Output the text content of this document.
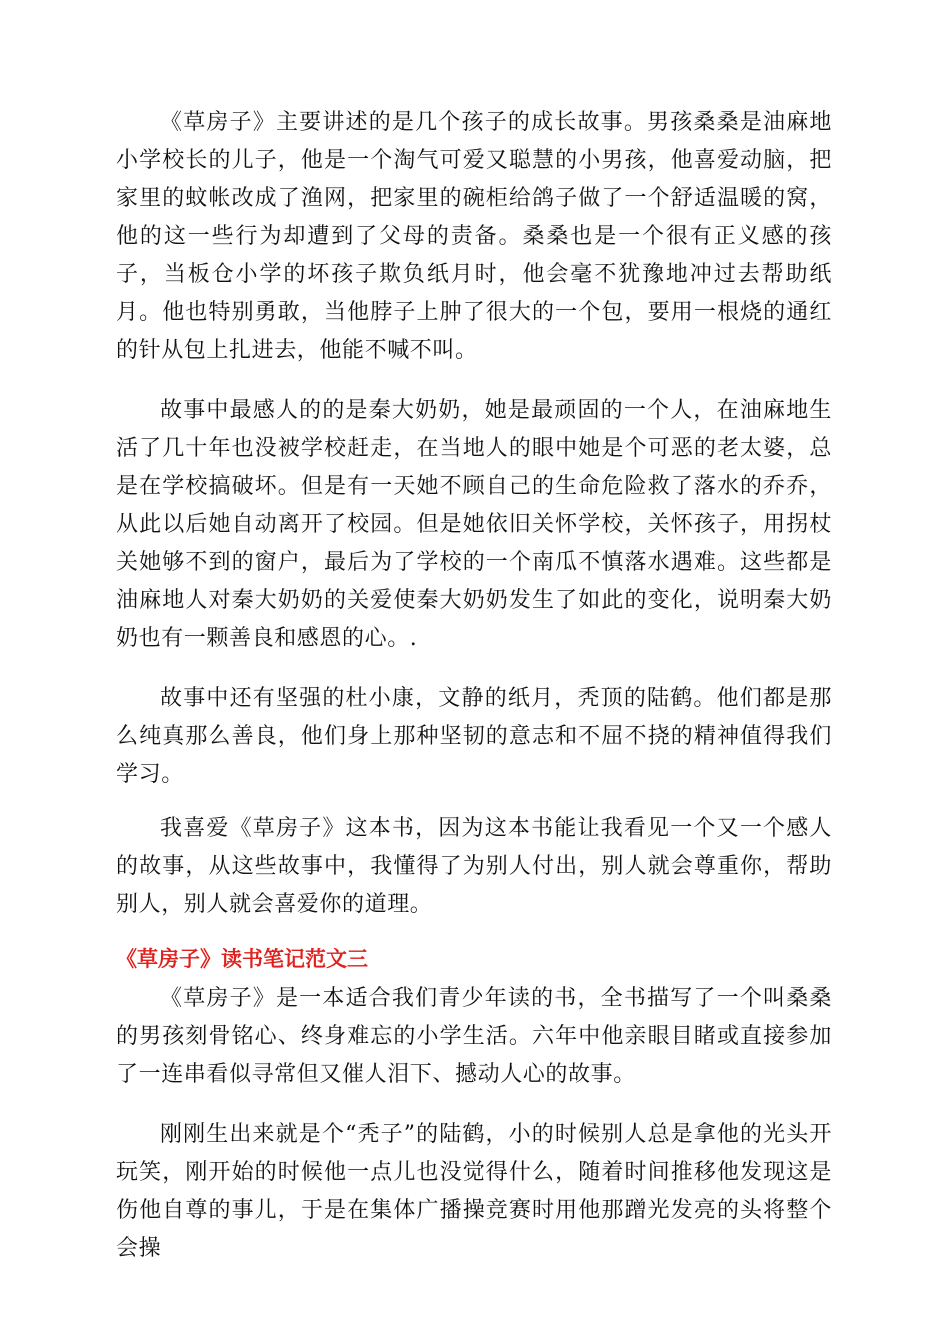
《草房子》主要讲述的是几个孩子的成长故事。男孩桑桑是油麻地小学校长的儿子，他是一个淘气可爱又聪慧的小男孩，他喜爱动脑，把家里的蚊帐改成了渔网，把家里的碗柜给鸽子做了一个舒适温暖的窝，他的这一些行为却遭到了父母的责备。桑桑也是一个很有正义感的孩子，当板仓小学的坏孩子欺负纸月时，他会毫不犹豫地冲过去帮助纸月。他也特别勇敢，当他脖子上肿了很大的一个包，要用一根烧的通红的针从包上扎进去，他能不喊不叫。

故事中最感人的的是秦大奶奶，她是最顽固的一个人，在油麻地生活了几十年也没被学校赶走，在当地人的眼中她是个可恶的老太婆，总是在学校搞破坏。但是有一天她不顾自己的生命危险救了落水的乔乔，从此以后她自动离开了校园。但是她依旧关怀学校，关怀孩子，用拐杖关她够不到的窗户，最后为了学校的一个南瓜不慎落水遇难。这些都是油麻地人对秦大奶奶的关爱使秦大奶奶发生了如此的变化，说明秦大奶奶也有一颗善良和感恩的心。.

故事中还有坚强的杜小康，文静的纸月，秃顶的陆鹤。他们都是那么纯真那么善良，他们身上那种坚韧的意志和不屈不挠的精神值得我们学习。

我喜爱《草房子》这本书，因为这本书能让我看见一个又一个感人的故事，从这些故事中，我懂得了为别人付出，别人就会尊重你，帮助别人，别人就会喜爱你的道理。

《草房子》读书笔记范文三

《草房子》是一本适合我们青少年读的书，全书描写了一个叫桑桑的男孩刻骨铭心、终身难忘的小学生活。六年中他亲眼目睹或直接参加了一连串看似寻常但又催人泪下、撼动人心的故事。

刚刚生出来就是个“秃子”的陆鹤，小的时候别人总是拿他的光头开玩笑，刚开始的时候他一点儿也没觉得什么，随着时间推移他发现这是伤他自尊的事儿，于是在集体广播操竞赛时用他那蹭光发亮的头将整个会操
